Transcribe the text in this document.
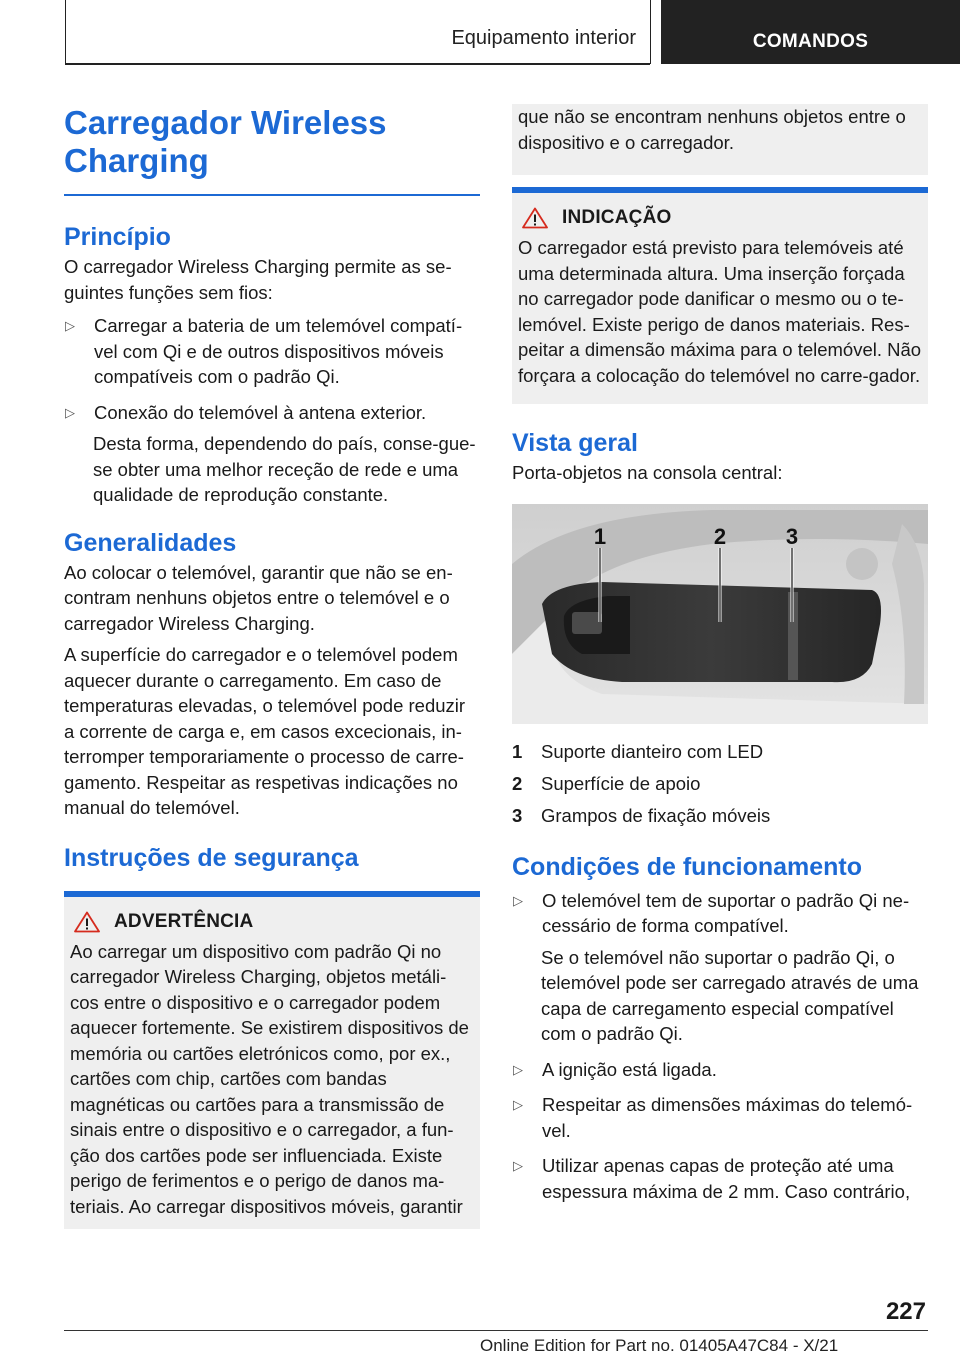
Equipamento interior	COMANDOS
Carregador Wireless Charging
Princípio

O carregador Wireless Charging permite as se-guintes funções sem fios:

▷	Carregar a bateria de um telemóvel compatí-vel com Qi e de outros dispositivos móveis compatíveis com o padrão Qi.

▷	Conexão do telemóvel à antena exterior.

Desta forma, dependendo do país, conse-gue-se obter uma melhor receção de rede e uma qualidade de reprodução constante.

Generalidades

Ao colocar o telemóvel, garantir que não se en-contram nenhuns objetos entre o telemóvel e o carregador Wireless Charging.

A superfície do carregador e o telemóvel podem aquecer durante o carregamento. Em caso de temperaturas elevadas, o telemóvel pode reduzir a corrente de carga e, em casos excecionais, in-terromper temporariamente o processo de carre-gamento. Respeitar as respetivas indicações no manual do telemóvel.

Instruções de segurança
ADVERTÊNCIA

Ao carregar um dispositivo com padrão Qi no carregador Wireless Charging, objetos metáli-cos entre o dispositivo e o carregador podem aquecer fortemente. Se existirem dispositivos de memória ou cartões eletrónicos como, por ex., cartões com chip, cartões com bandas magnéticas ou cartões para a transmissão de sinais entre o dispositivo e o carregador, a fun-ção dos cartões pode ser influenciada. Existe perigo de ferimentos e o perigo de danos ma-teriais. Ao carregar dispositivos móveis, garantir

que não se encontram nenhuns objetos entre o dispositivo e o carregador.

INDICAÇÃO

O carregador está previsto para telemóveis até uma determinada altura. Uma inserção forçada no carregador pode danificar o mesmo ou o te-lemóvel. Existe perigo de danos materiais. Res-peitar a dimensão máxima para o telemóvel. Não forçara a colocação do telemóvel no carre-gador.

Vista geral

Porta-objetos na consola central:

1	2	3
1	Suporte dianteiro com LED
2	Superfície de apoio
3	Grampos de fixação móveis
Condições de funcionamento
▷	O telemóvel tem de suportar o padrão Qi ne-cessário de forma compatível.

Se o telemóvel não suportar o padrão Qi, o telemóvel pode ser carregado através de uma capa de carregamento especial compatível com o padrão Qi.

▷	A ignição está ligada.

▷	Respeitar as dimensões máximas do telemó-vel.

▷	Utilizar apenas capas de proteção até uma espessura máxima de 2 mm. Caso contrário,

227
Online Edition for Part no. 01405A47C84 - X/21
